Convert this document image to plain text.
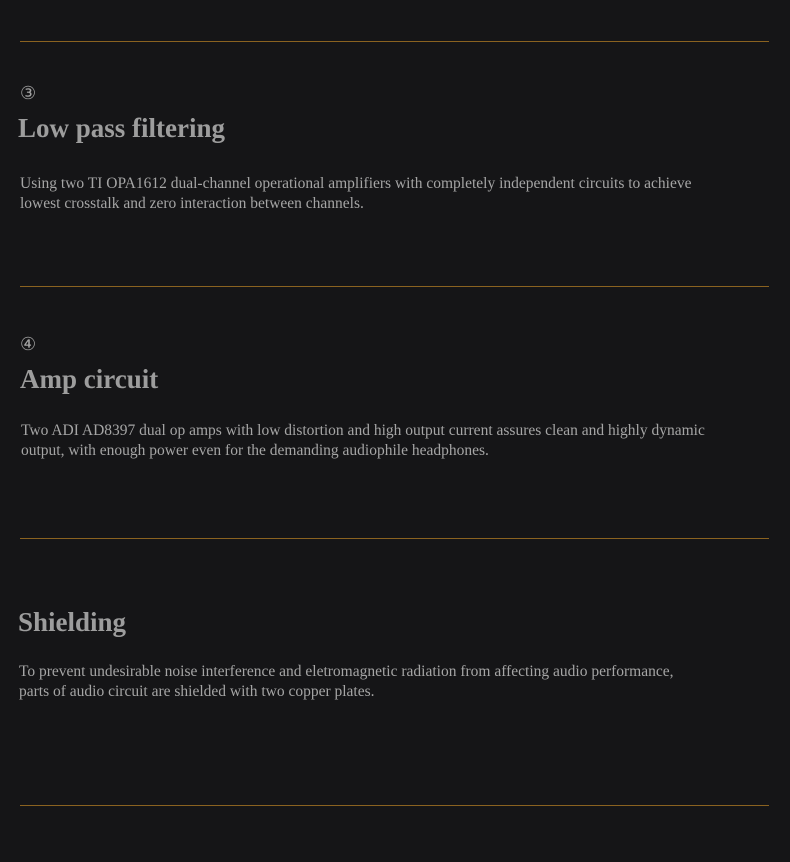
③
Low pass filtering

Using two TI OPA1612 dual-channel operational amplifiers with completely independent circuits to achieve
lowest crosstalk and zero interaction between channels.

④
Amp circuit

Two ADI AD8397 dual op amps with low distortion and high output current assures clean and highly dynamic
output, with enough power even for the demanding audiophile headphones.

Shielding

To prevent undesirable noise interference and eletromagnetic radiation from affecting audio performance,
parts of audio circuit are shielded with two copper plates.
